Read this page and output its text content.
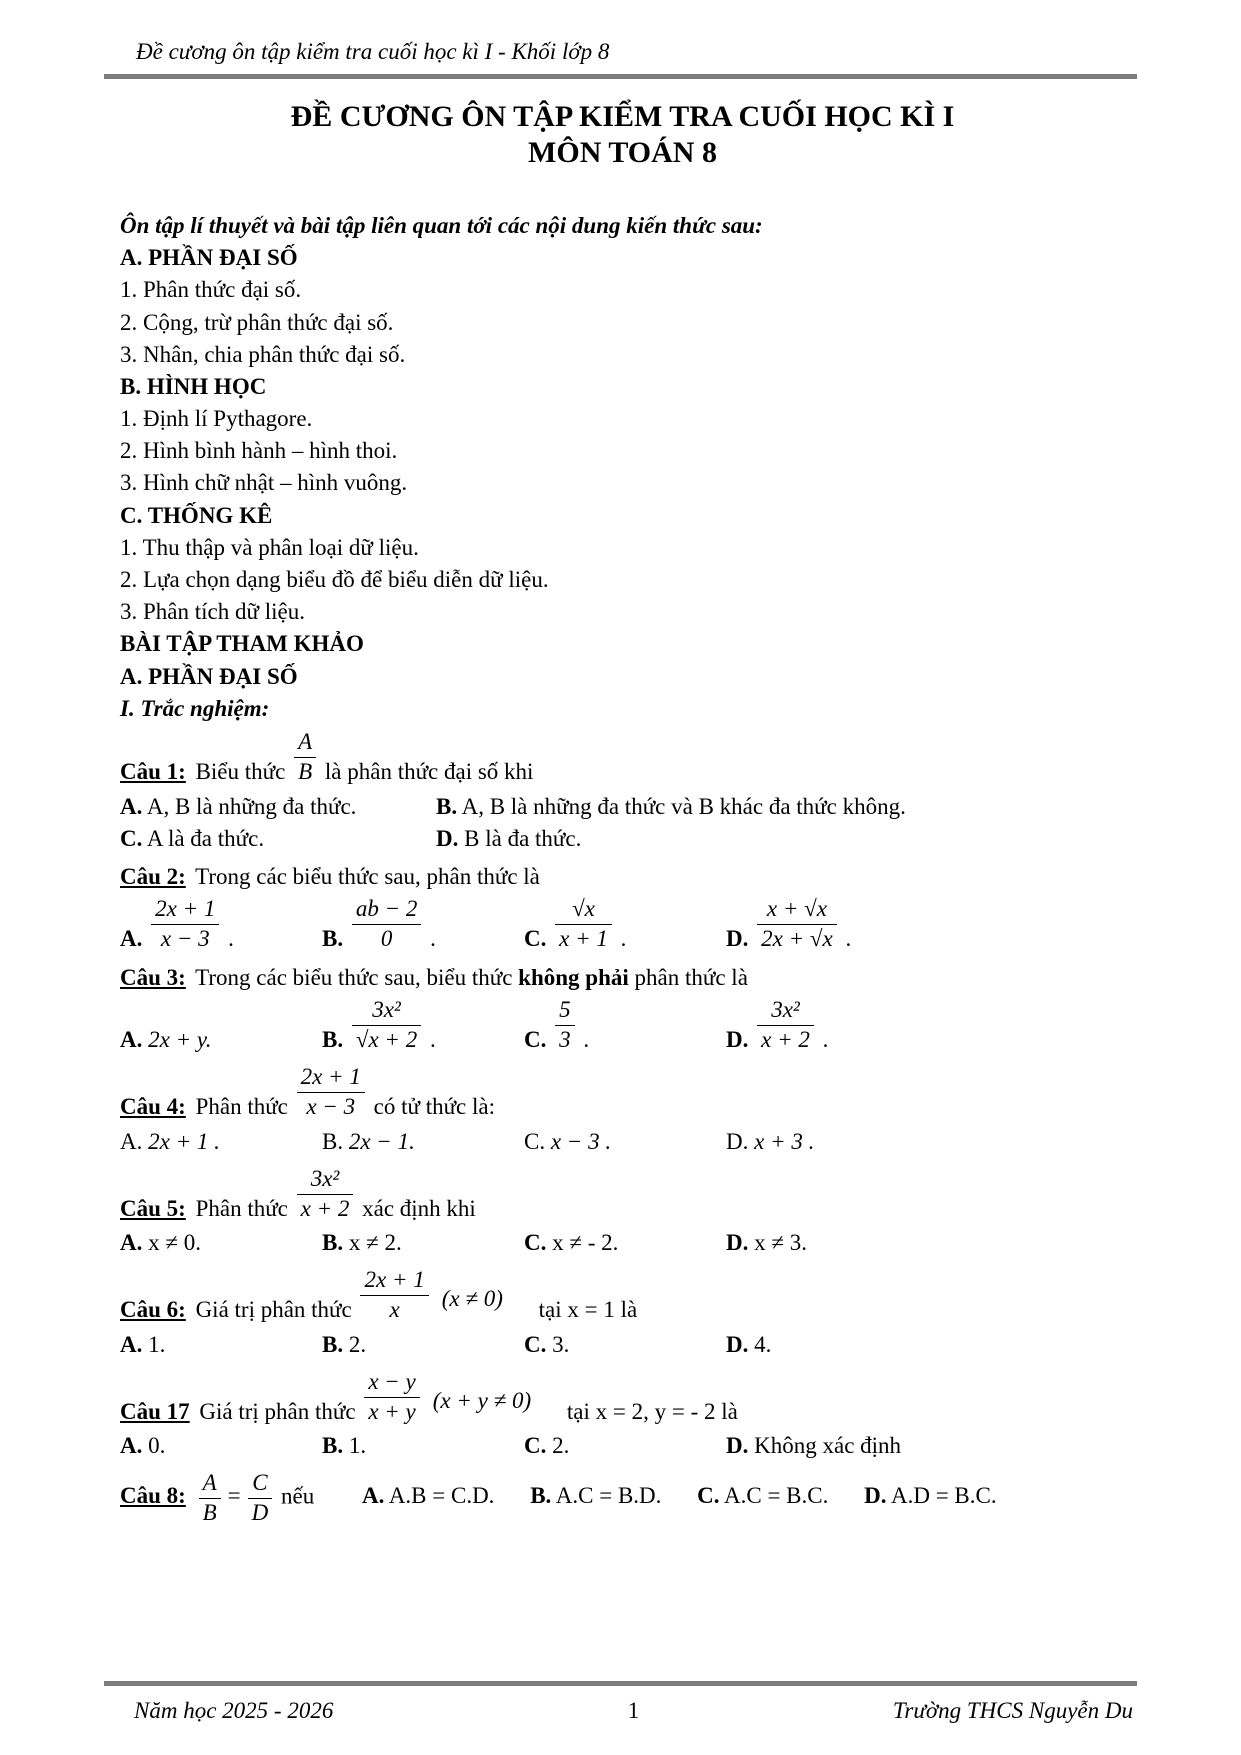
Đề cương ôn tập kiểm tra cuối học kì I - Khối lớp 8
ĐỀ CƯƠNG ÔN TẬP KIỂM TRA CUỐI HỌC KÌ I
MÔN TOÁN 8

Ôn tập lí thuyết và bài tập liên quan tới các nội dung kiến thức sau:

A. PHẦN ĐẠI SỐ

1. Phân thức đại số.

2. Cộng, trừ phân thức đại số.

3. Nhân, chia phân thức đại số.

B. HÌNH HỌC

1. Định lí Pythagore.

2. Hình bình hành – hình thoi.

3. Hình chữ nhật – hình vuông.

C. THỐNG KÊ

1. Thu thập và phân loại dữ liệu.

2. Lựa chọn dạng biểu đồ để biểu diễn dữ liệu.

3. Phân tích dữ liệu.

BÀI TẬP THAM KHẢO

A. PHẦN ĐẠI SỐ

I. Trắc nghiệm:

Câu 1: Biểu thức $\frac{A}{B}$ là phân thức đại số khi
A. A, B là những đa thức.	B. A, B là những đa thức và B khác đa thức không.
C. A là đa thức.	D. B là đa thức.
Câu 2: Trong các biểu thức sau, phân thức là
A. $\frac{2x + 1}{x - 3}$ .	B. $\frac{ab - 2}{0}$ .	C. $\frac{√x}{x + 1}$ .	D. $\frac{x + √x}{2x + √x}$ .
Câu 3: Trong các biểu thức sau, biểu thức không phải phân thức là
A. 2x + y.	B. $\frac{\text{3x²}}{√x + 2}$ .	C. $\frac{5}{3}$ .	D. $\frac{\text{3x²}}{x + 2}$ .
Câu 4: Phân thức $\frac{2x + 1}{x - 3}$ có tử thức là:
A. 2x + 1 .	B. 2x − 1.	C. x − 3 .	D. x + 3 .
Câu 5: Phân thức $\frac{\text{3x²}}{x + 2}$ xác định khi
A. x ≠ 0.	B. x ≠ 2.	C. x ≠ - 2.	D. x ≠ 3.
Câu 6: Giá trị phân thức $\frac{2x + 1}{x} (x \ne 0)$ tại x = 1 là
A. 1.	B. 2.	C. 3.	D. 4.
Câu 17 Giá trị phân thức $\frac{x - y}{x + y} (x + y \ne 0)$ tại x = 2, y = - 2 là
A. 0.	B. 1.	C. 2.	D. Không xác định
Câu 8: $\frac{A}{B} = \frac{C}{D}$ nếu A. A.B = C.D. B. A.C = B.D. C. A.C = B.C. D. A.D = B.C.
Năm học 2025 - 2026	1	Trường THCS Nguyễn Du
